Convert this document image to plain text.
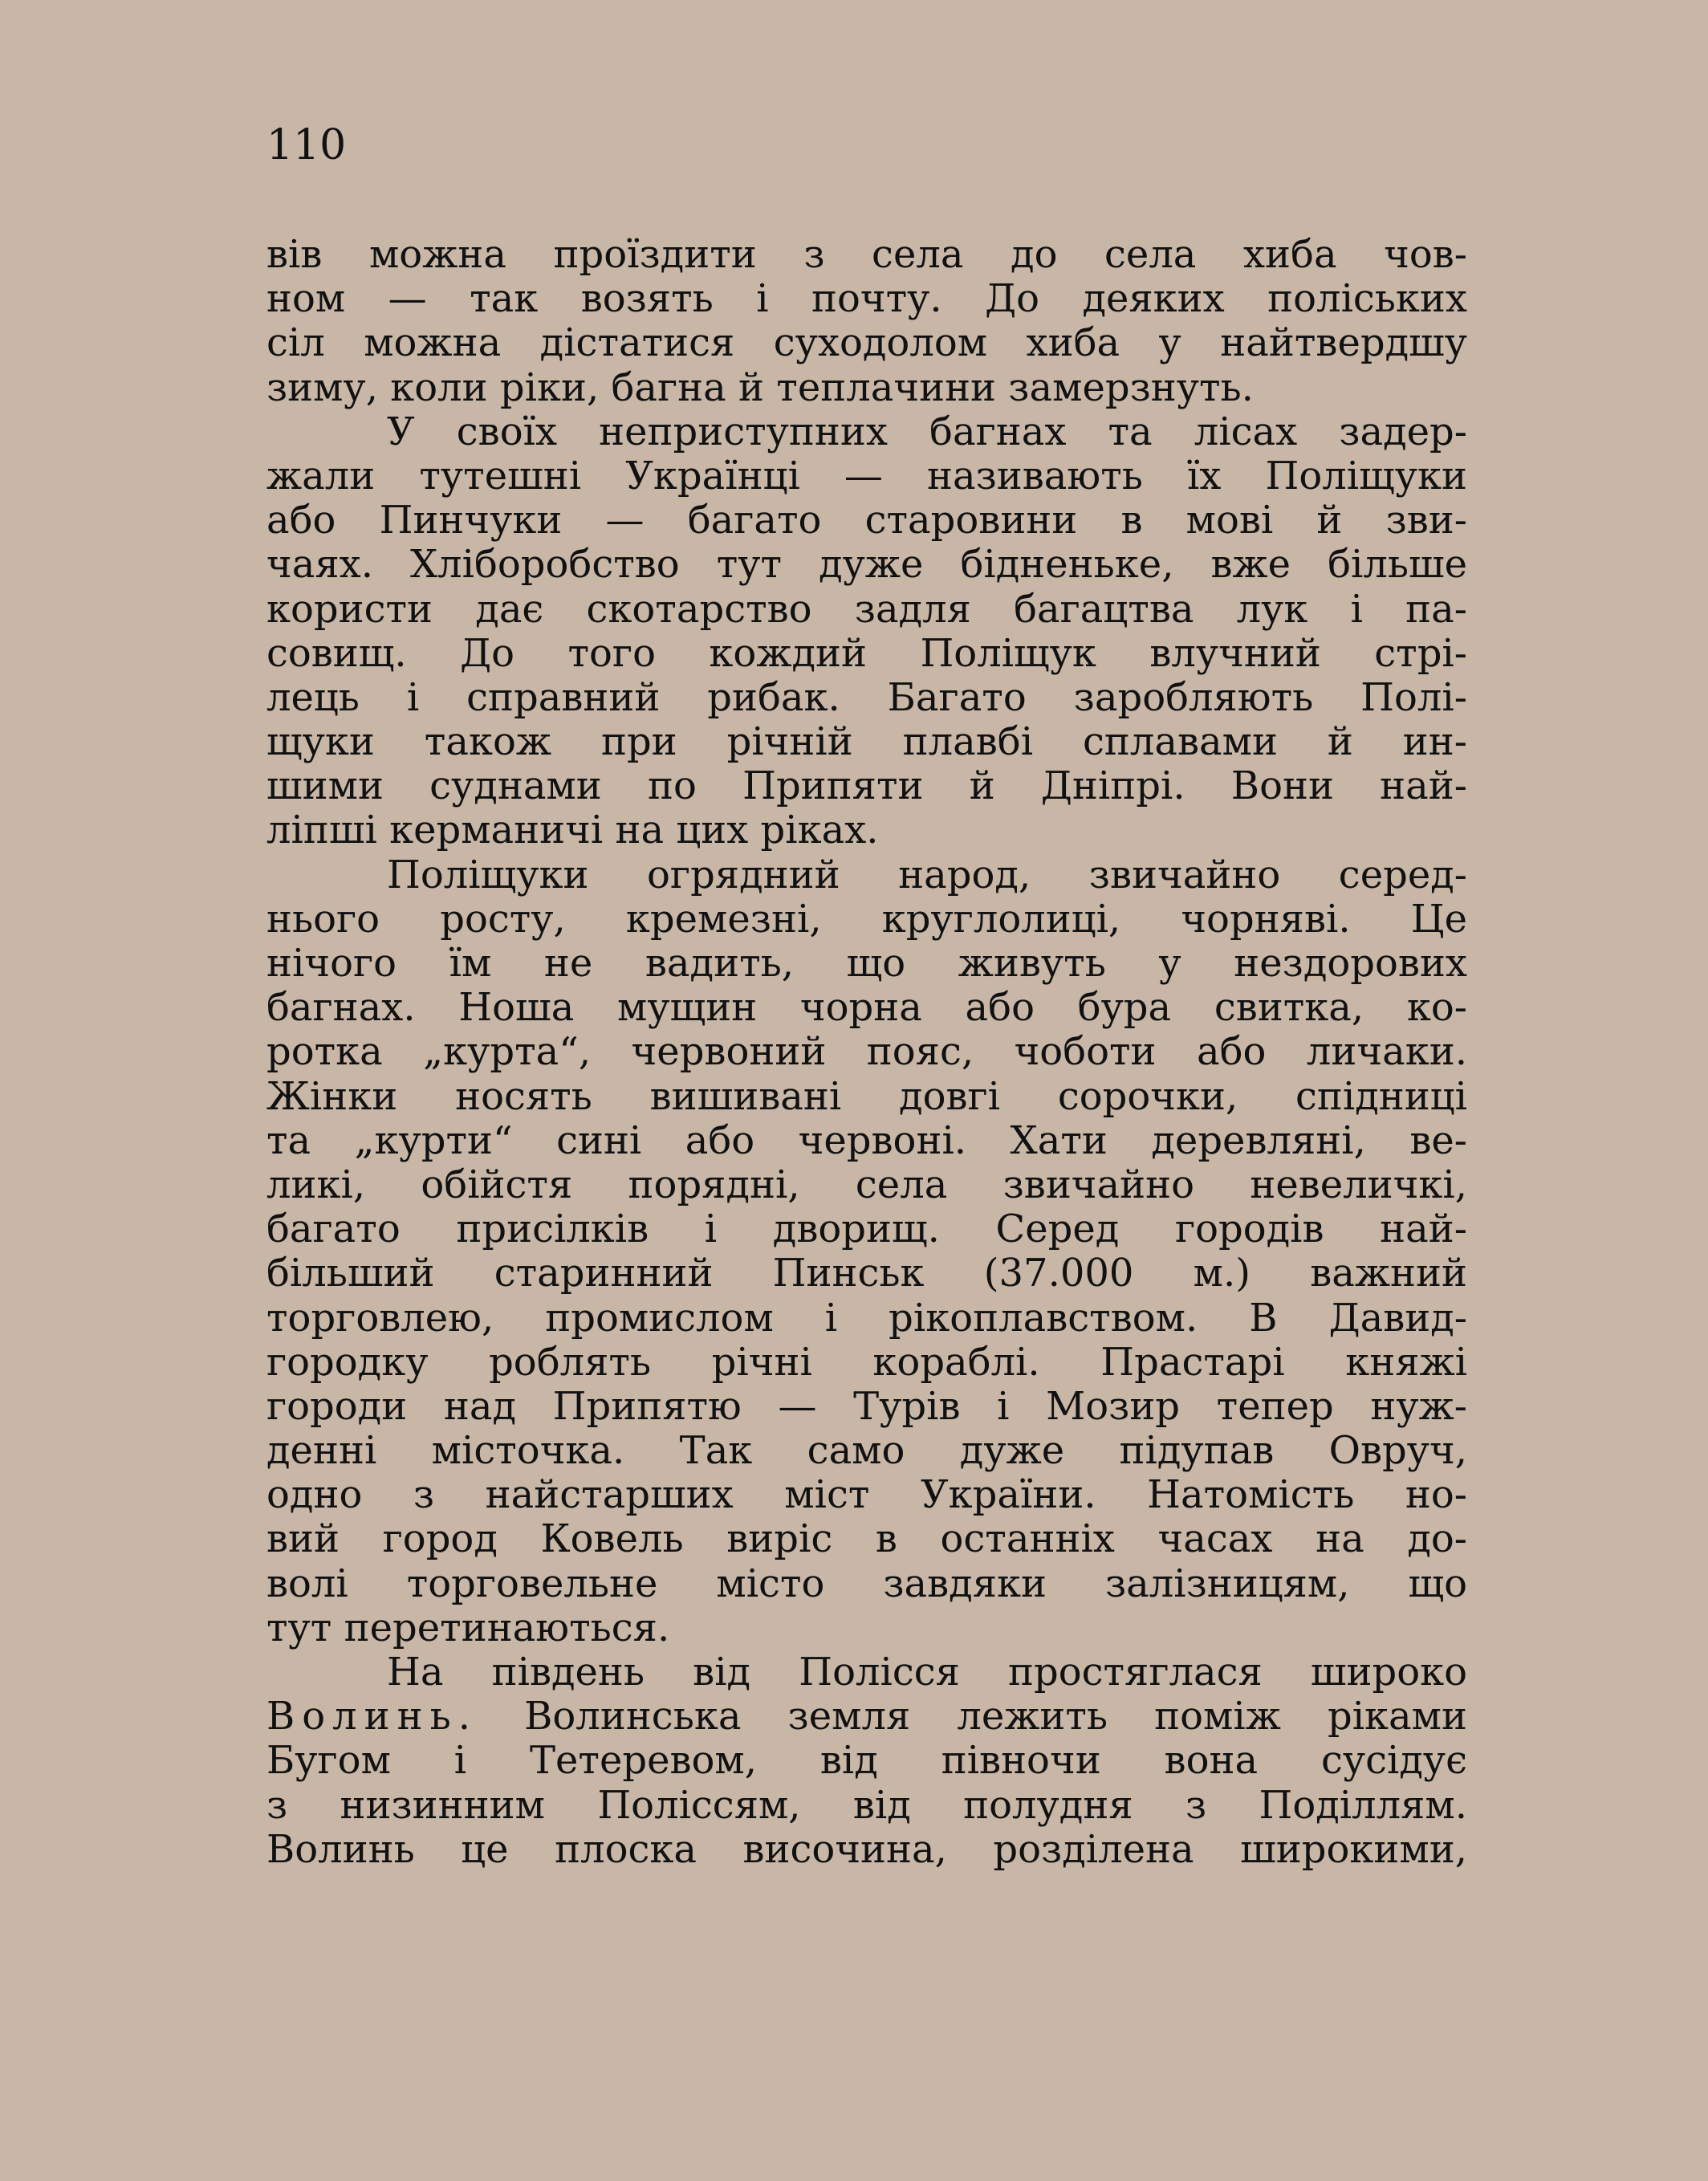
110
вів можна проїздити з села до села хиба чов-
ном — так возять і почту. До деяких поліських
сіл можна дістатися суходолом хиба у найтвердшу
зиму, коли ріки, багна й теплачини замерзнуть.
У своїх неприступних багнах та лісах задер-
жали тутешні Українці — називають їх Поліщуки
або Пинчуки — багато старовини в мові й зви-
чаях. Хліборобство тут дуже бідненьке, вже більше
користи дає скотарство задля багацтва лук і па-
совищ. До того кождий Поліщук влучний стрі-
лець і справний рибак. Багато заробляють Полі-
щуки також при річній плавбі сплавами й ин-
шими суднами по Припяти й Дніпрі. Вони най-
ліпші керманичі на цих ріках.
Поліщуки огрядний народ, звичайно серед-
нього росту, кремезні, круглолиці, чорняві. Це
нічого їм не вадить, що живуть у нездорових
багнах. Ноша мущин чорна або бура свитка, ко-
ротка „курта“, червоний пояс, чоботи або личаки.
Жінки носять вишивані довгі сорочки, спідниці
та „курти“ сині або червоні. Хати деревляні, ве-
ликі, обійстя порядні, села звичайно невеличкі,
багато присілків і дворищ. Серед городів най-
більший старинний Пинськ (37.000 м.) важний
торговлею, промислом і рікоплавством. В Давид-
городку роблять річні кораблі. Прастарі княжі
городи над Припятю — Турів і Мозир тепер нуж-
денні місточка. Так само дуже підупав Овруч,
одно з найстарших міст України. Натомість но-
вий город Ковель виріс в останніх часах на до-
волі торговельне місто завдяки залізницям, що
тут перетинаються.
На південь від Полісся простяглася широко
Волинь. Волинська земля лежить поміж ріками
Бугом і Тетеревом, від півночи вона сусідує
з низинним Поліссям, від полудня з Поділлям.
Волинь це плоска височина, розділена широкими,
